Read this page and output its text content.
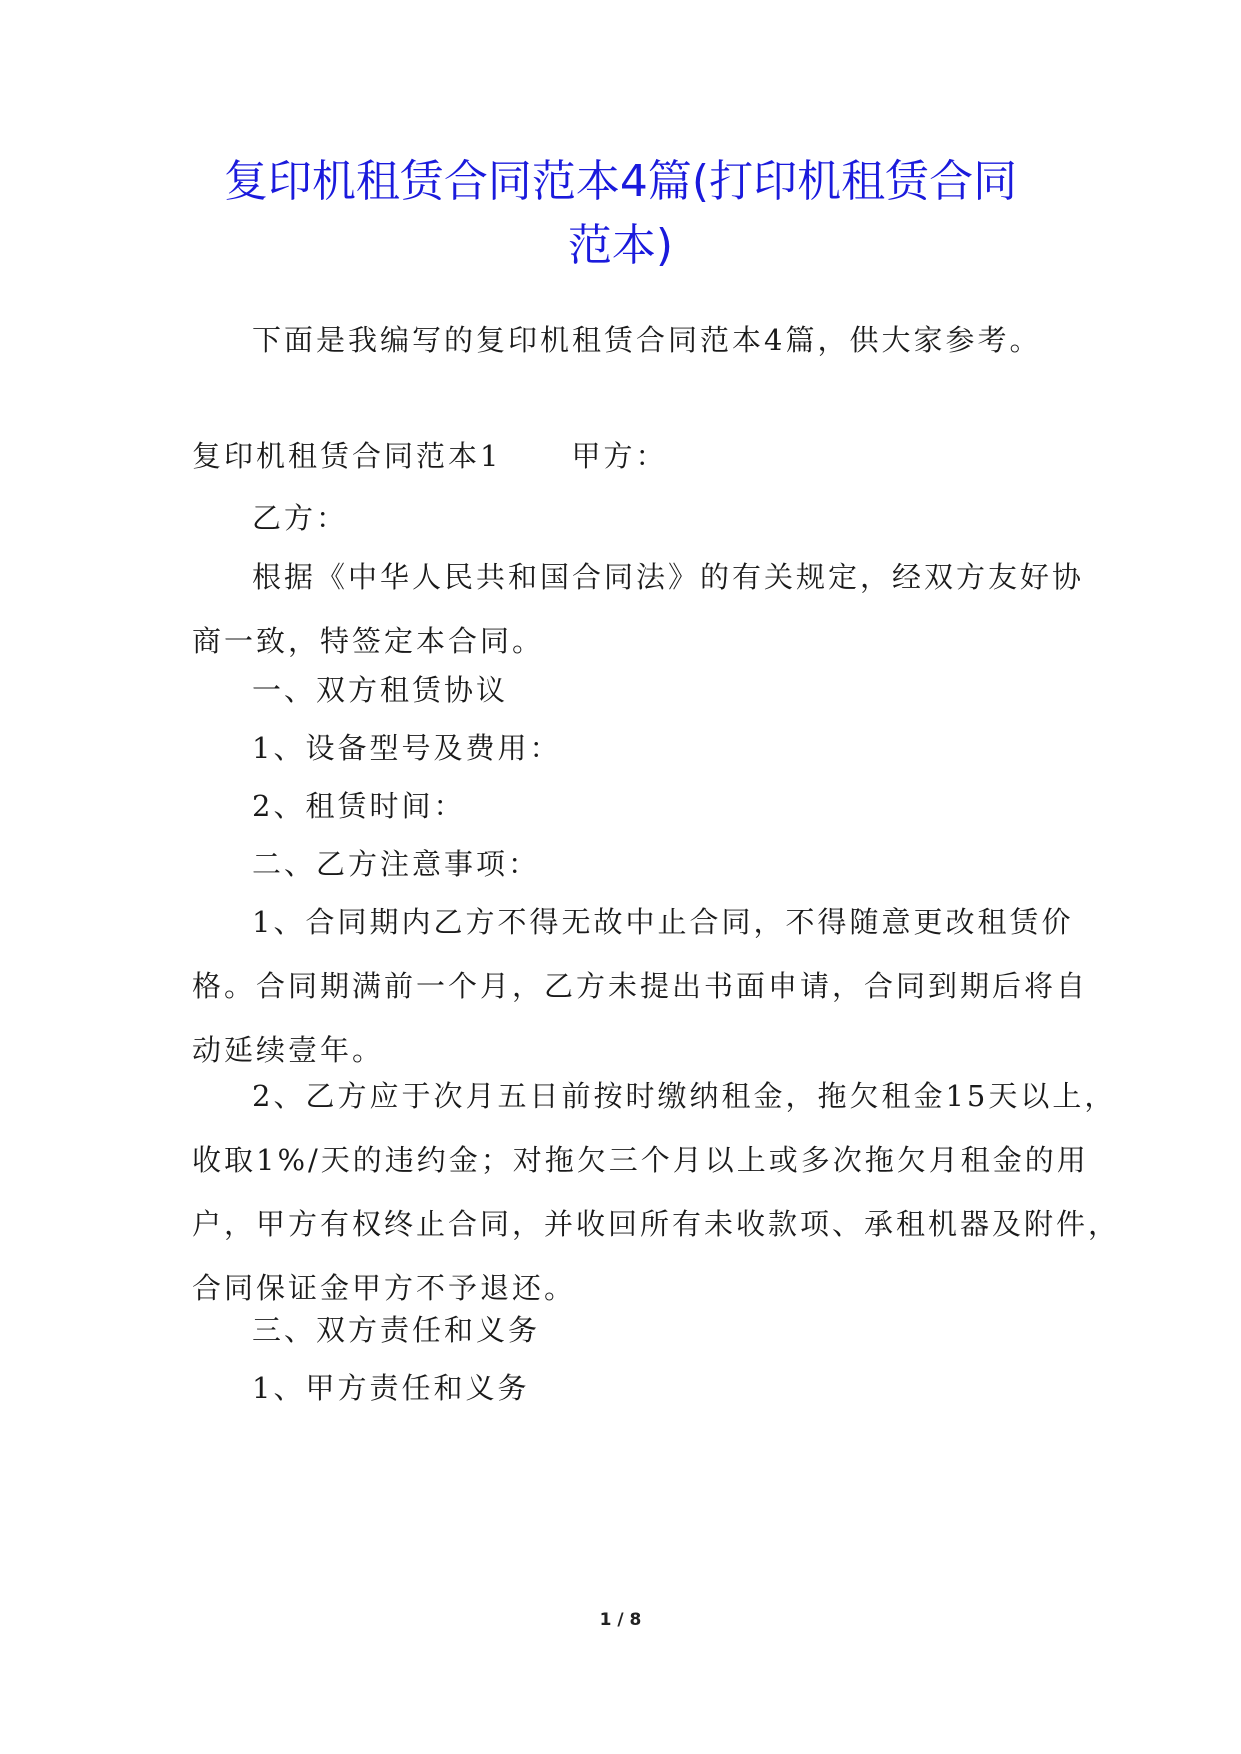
复印机租赁合同范本4篇(打印机租赁合同
范本)

下面是我编写的复印机租赁合同范本4篇，供大家参考。

复印机租赁合同范本1 甲方：

乙方：

根据《中华人民共和国合同法》的有关规定，经双方友好协
商一致，特签定本合同。

一、双方租赁协议

1、设备型号及费用：

2、租赁时间：

二、乙方注意事项：

1、合同期内乙方不得无故中止合同，不得随意更改租赁价
格。合同期满前一个月，乙方未提出书面申请，合同到期后将自
动延续壹年。
2、乙方应于次月五日前按时缴纳租金，拖欠租金15天以上，
收取1%/天的违约金；对拖欠三个月以上或多次拖欠月租金的用
户，甲方有权终止合同，并收回所有未收款项、承租机器及附件，
合同保证金甲方不予退还。

三、双方责任和义务

1、甲方责任和义务

1 / 8
